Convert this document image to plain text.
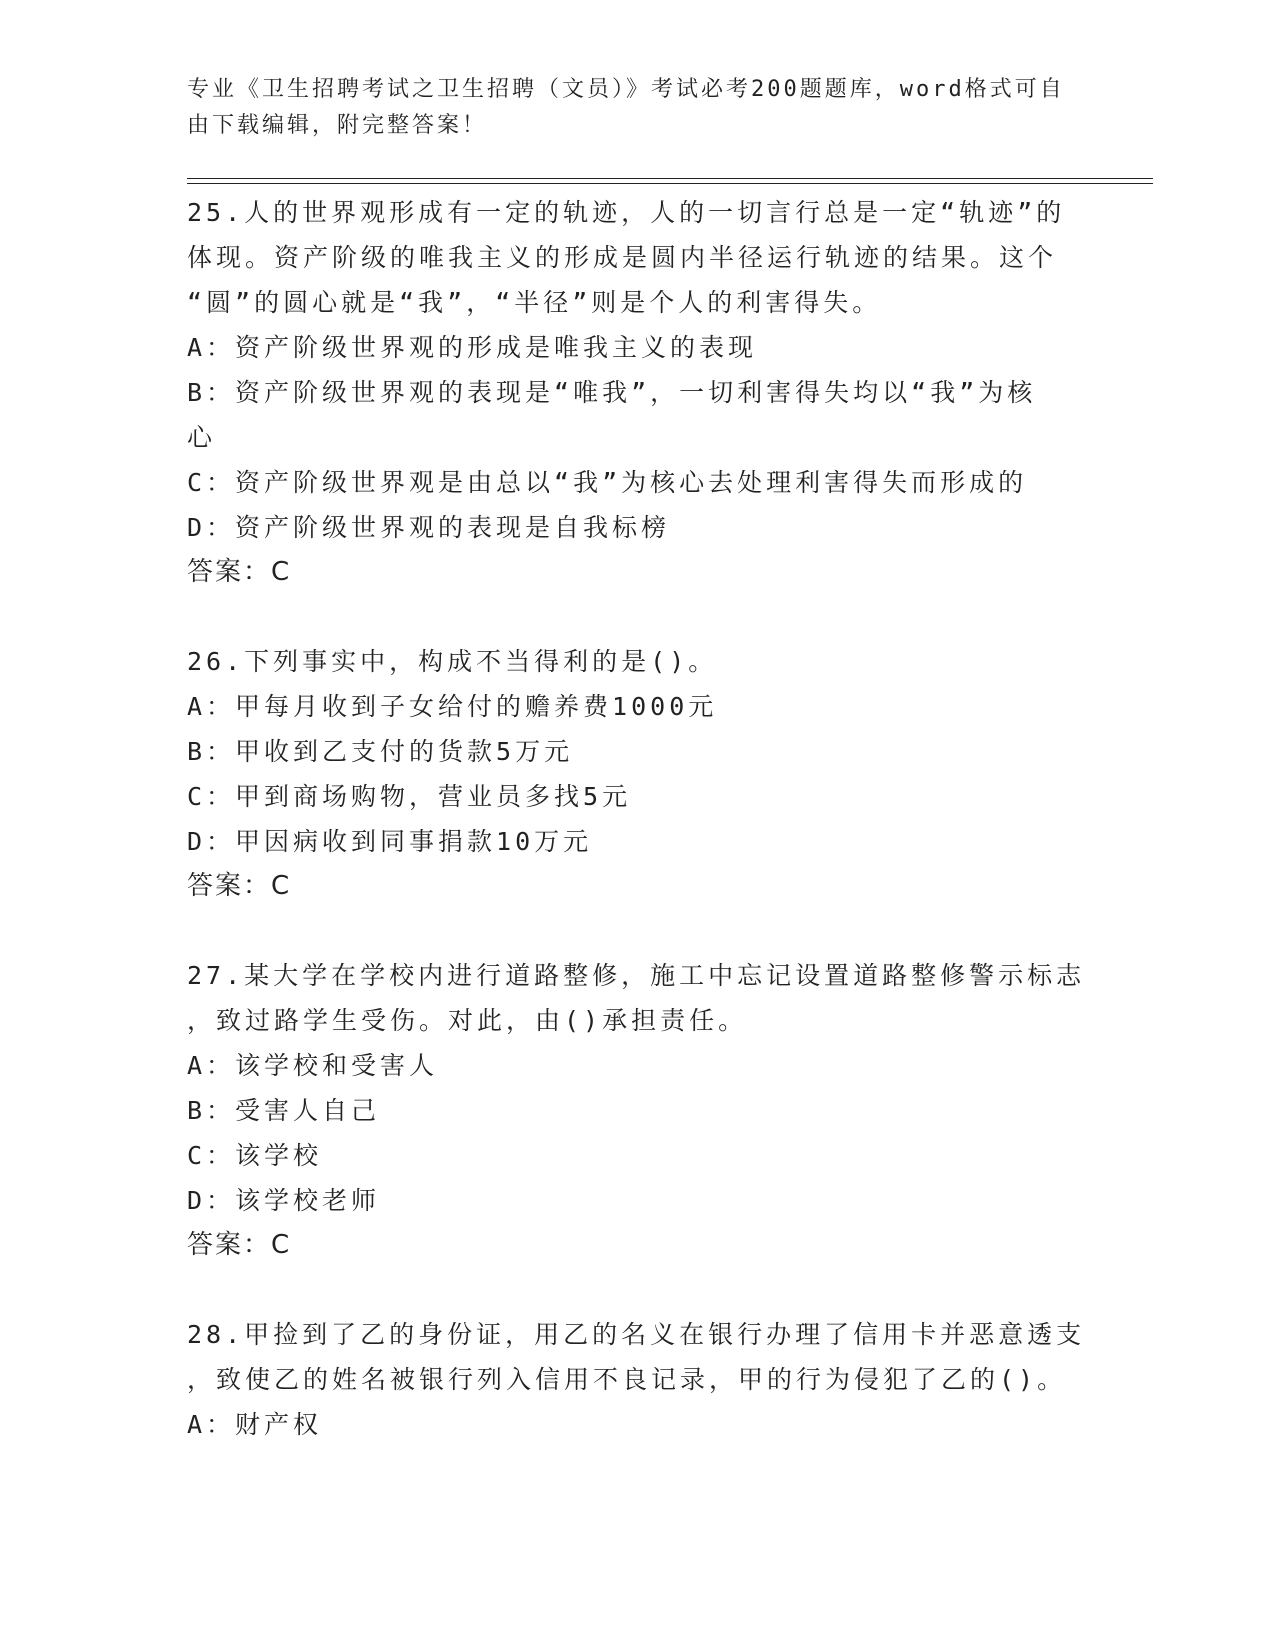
专业《卫生招聘考试之卫生招聘（文员）》考试必考200题题库，word格式可自
由下载编辑，附完整答案！
25.人的世界观形成有一定的轨迹，人的一切言行总是一定“轨迹”的
体现。资产阶级的唯我主义的形成是圆内半径运行轨迹的结果。这个
“圆”的圆心就是“我”，“半径”则是个人的利害得失。
A：资产阶级世界观的形成是唯我主义的表现
B：资产阶级世界观的表现是“唯我”，一切利害得失均以“我”为核
心
C：资产阶级世界观是由总以“我”为核心去处理利害得失而形成的
D：资产阶级世界观的表现是自我标榜
答案：C
26.下列事实中，构成不当得利的是()。
A：甲每月收到子女给付的赡养费1000元
B：甲收到乙支付的货款5万元
C：甲到商场购物，营业员多找5元
D：甲因病收到同事捐款10万元
答案：C
27.某大学在学校内进行道路整修，施工中忘记设置道路整修警示标志
，致过路学生受伤。对此，由()承担责任。
A：该学校和受害人
B：受害人自己
C：该学校
D：该学校老师
答案：C
28.甲捡到了乙的身份证，用乙的名义在银行办理了信用卡并恶意透支
，致使乙的姓名被银行列入信用不良记录，甲的行为侵犯了乙的()。
A：财产权
